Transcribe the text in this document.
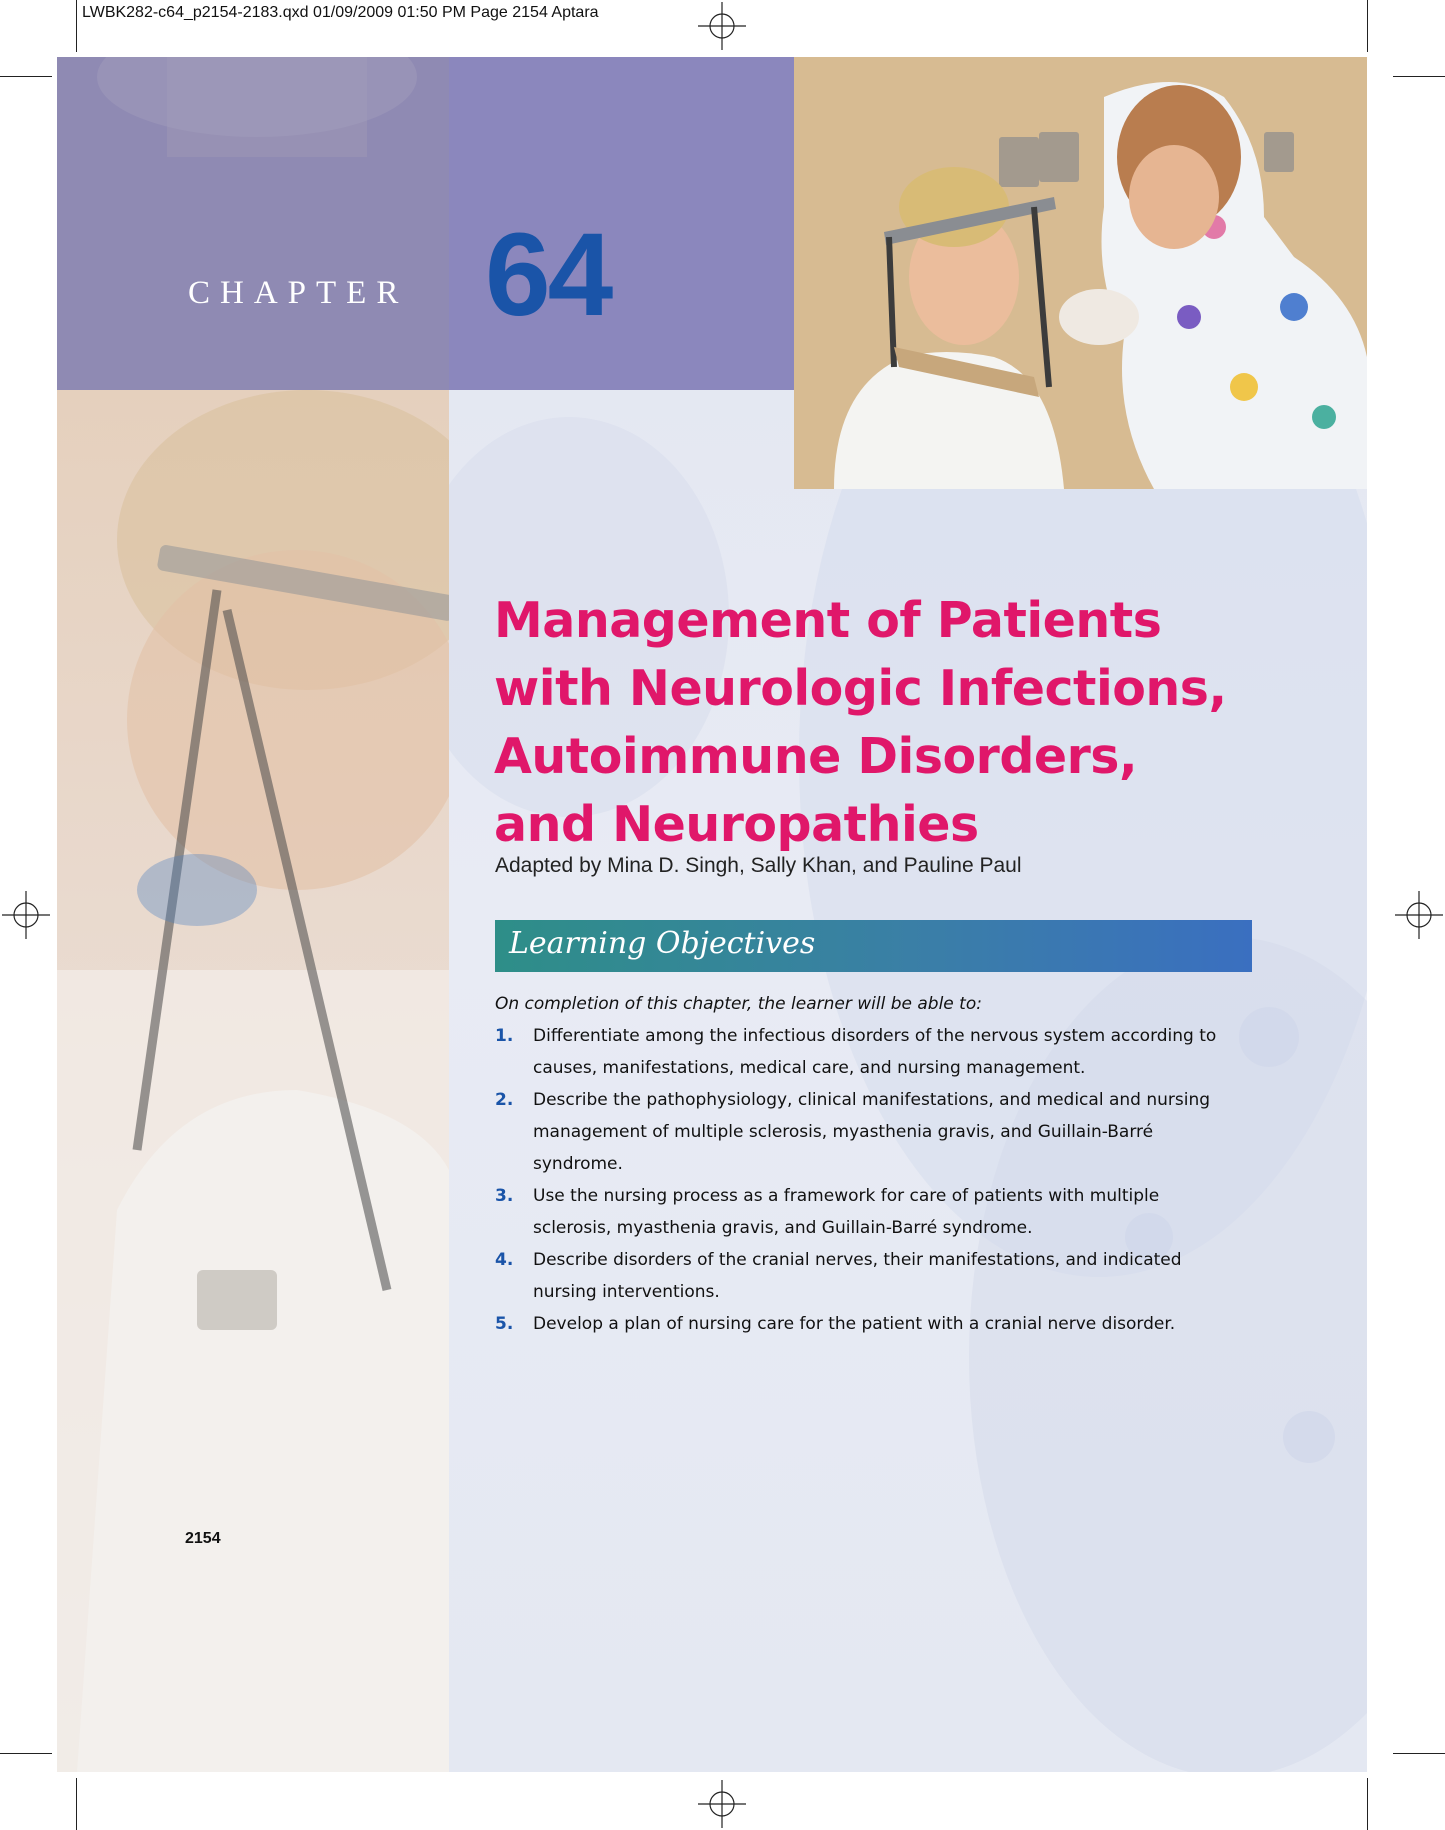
LWBK282-c64_p2154-2183.qxd 01/09/2009 01:50 PM Page 2154 Aptara
CHAPTER 64
Management of Patients
with Neurologic Infections,
Autoimmune Disorders,
and Neuropathies
Adapted by Mina D. Singh, Sally Khan, and Pauline Paul
Learning Objectives
On completion of this chapter, the learner will be able to:
1. Differentiate among the infectious disorders of the nervous system according to
causes, manifestations, medical care, and nursing management.
2. Describe the pathophysiology, clinical manifestations, and medical and nursing
management of multiple sclerosis, myasthenia gravis, and Guillain-Barré
syndrome.
3. Use the nursing process as a framework for care of patients with multiple
sclerosis, myasthenia gravis, and Guillain-Barré syndrome.
4. Describe disorders of the cranial nerves, their manifestations, and indicated
nursing interventions.
5. Develop a plan of nursing care for the patient with a cranial nerve disorder.
2154
